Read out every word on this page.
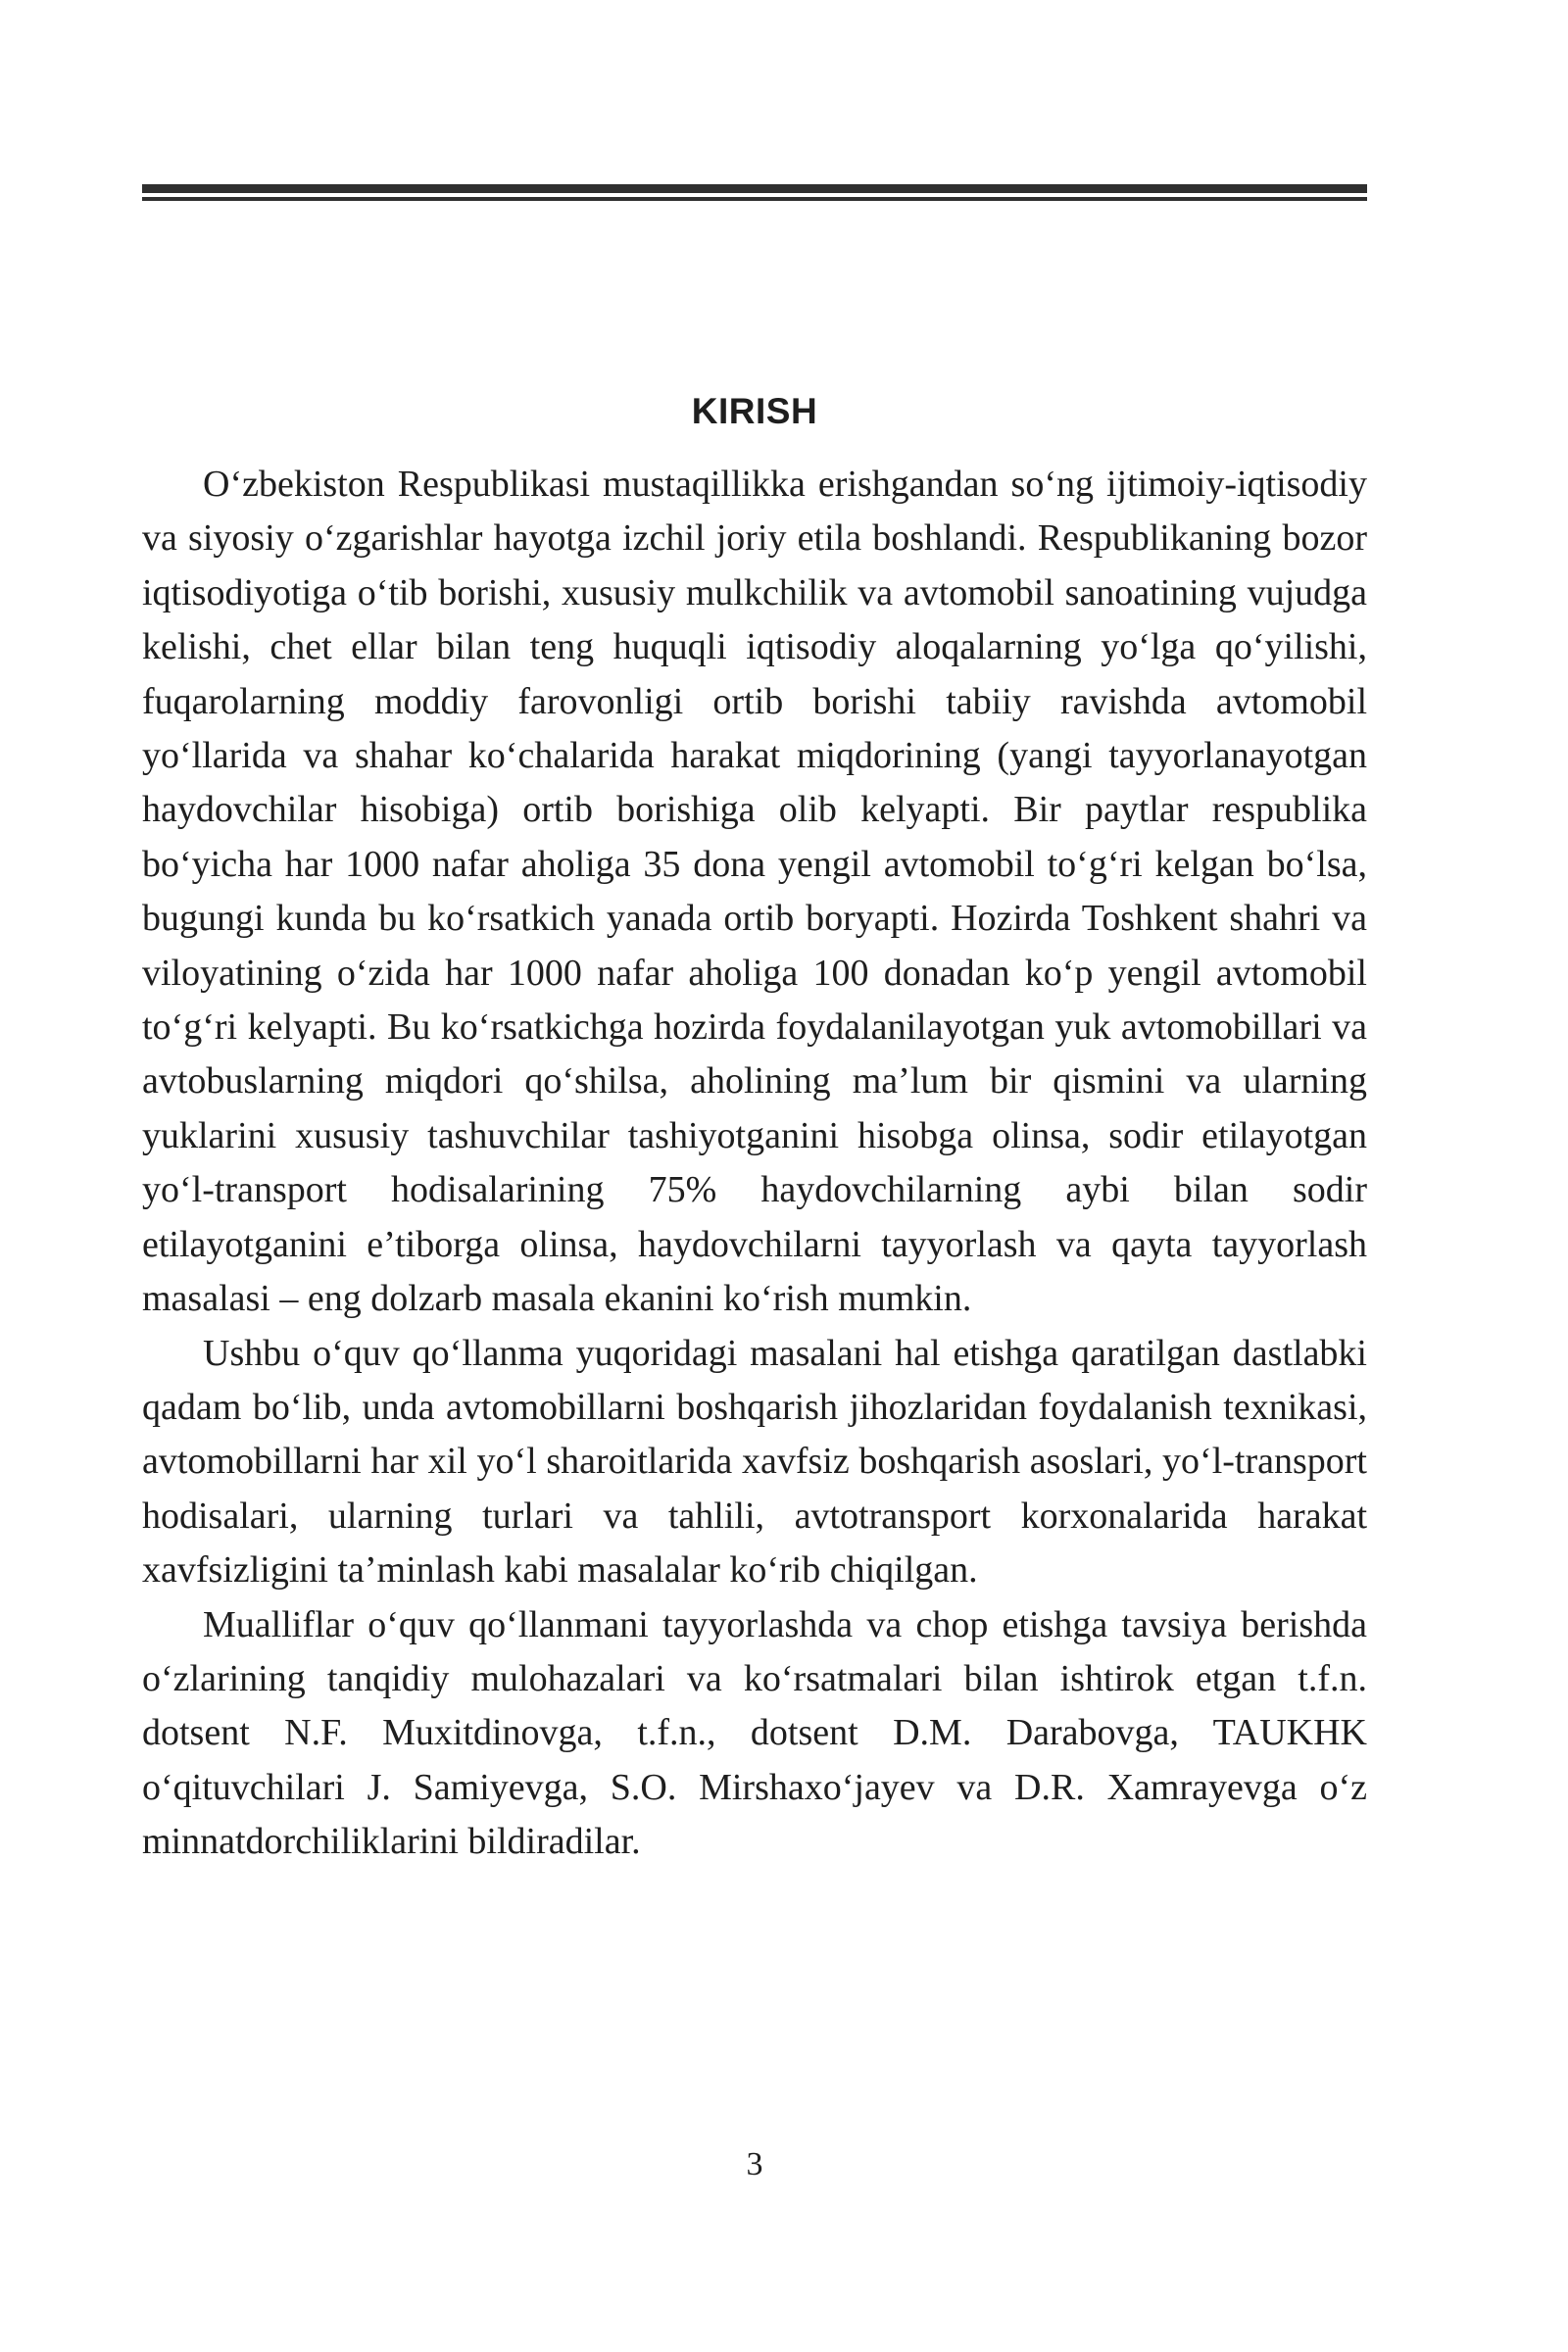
KIRISH

O‘zbekiston Respublikasi mustaqillikka erishgandan so‘ng ijtimoiy-iqtisodiy va siyosiy o‘zgarishlar hayotga izchil joriy etila boshlandi. Respublikaning bozor iqtisodiyotiga o‘tib borishi, xususiy mulkchilik va avtomobil sanoatining vujudga kelishi, chet ellar bilan teng huquqli iqtisodiy aloqalarning yo‘lga qo‘yilishi, fuqarolarning moddiy farovonligi ortib borishi tabiiy ravishda avtomobil yo‘llarida va shahar ko‘chalarida harakat miqdorining (yangi tayyorlanayotgan haydovchilar hisobiga) ortib borishiga olib kelyapti. Bir paytlar respublika bo‘yicha har 1000 nafar aholiga 35 dona yengil avtomobil to‘g‘ri kelgan bo‘lsa, bugungi kunda bu ko‘rsatkich yanada ortib boryapti. Hozirda Toshkent shahri va viloyatining o‘zida har 1000 nafar aholiga 100 donadan ko‘p yengil avtomobil to‘g‘ri kelyapti. Bu ko‘rsatkichga hozirda foydalanilayotgan yuk avtomobillari va avtobuslarning miqdori qo‘shilsa, aholining ma’lum bir qismini va ularning yuklarini xususiy tashuvchilar tashiyotganini hisobga olinsa, sodir etilayotgan yo‘l-transport hodisalarining 75% haydovchilarning aybi bilan sodir etilayotganini e’tiborga olinsa, haydovchilarni tayyorlash va qayta tayyorlash masalasi – eng dolzarb masala ekanini ko‘rish mumkin.

Ushbu o‘quv qo‘llanma yuqoridagi masalani hal etishga qaratilgan dastlabki qadam bo‘lib, unda avtomobillarni boshqarish jihozlaridan foydalanish texnikasi, avtomobillarni har xil yo‘l sharoitlarida xavfsiz boshqarish asoslari, yo‘l-transport hodisalari, ularning turlari va tahlili, avtotransport korxonalarida harakat xavfsizligini ta’minlash kabi masalalar ko‘rib chiqilgan.

Mualliflar o‘quv qo‘llanmani tayyorlashda va chop etishga tavsiya berishda o‘zlarining tanqidiy mulohazalari va ko‘rsatmalari bilan ishtirok etgan t.f.n. dotsent N.F. Muxitdinovga, t.f.n., dotsent D.M. Darabovga, TAUKHK o‘qituvchilari J. Samiyevga, S.O. Mirshaxo‘jayev va D.R. Xamrayevga o‘z minnatdorchiliklarini bildiradilar.

3
